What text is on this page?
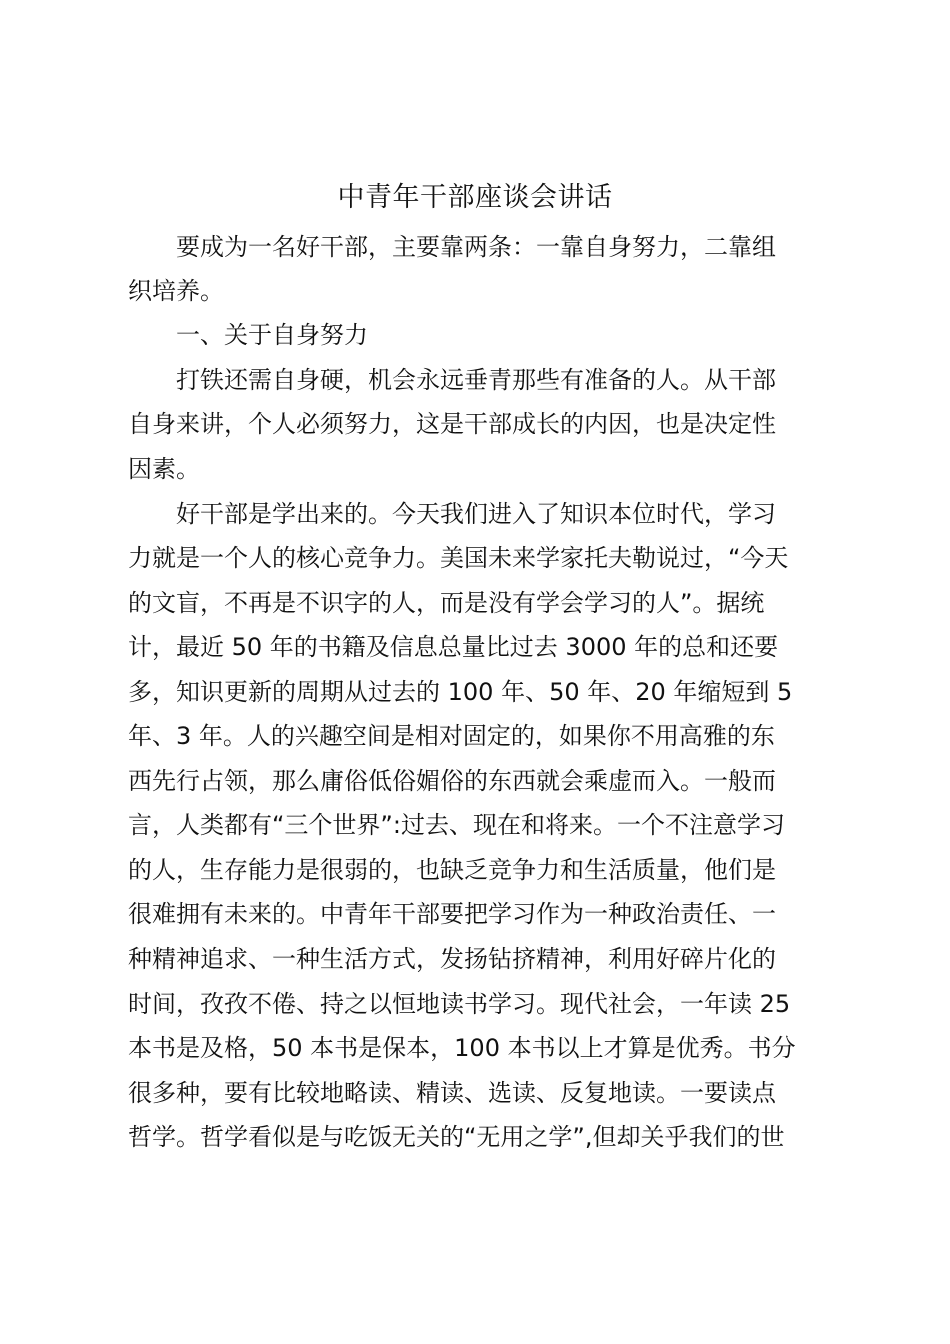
中青年干部座谈会讲话
　　要成为一名好干部，主要靠两条：一靠自身努力，二靠组
织培养。
　　一、关于自身努力
　　打铁还需自身硬，机会永远垂青那些有准备的人。从干部
自身来讲，个人必须努力，这是干部成长的内因，也是决定性
因素。
　　好干部是学出来的。今天我们进入了知识本位时代，学习
力就是一个人的核心竞争力。美国未来学家托夫勒说过，“今天
的文盲，不再是不识字的人，而是没有学会学习的人”。据统
计，最近 50 年的书籍及信息总量比过去 3000 年的总和还要
多，知识更新的周期从过去的 100 年、50 年、20 年缩短到 5
年、3 年。人的兴趣空间是相对固定的，如果你不用高雅的东
西先行占领，那么庸俗低俗媚俗的东西就会乘虚而入。一般而
言，人类都有“三个世界”:过去、现在和将来。一个不注意学习
的人，生存能力是很弱的，也缺乏竞争力和生活质量，他们是
很难拥有未来的。中青年干部要把学习作为一种政治责任、一
种精神追求、一种生活方式，发扬钻挤精神，利用好碎片化的
时间，孜孜不倦、持之以恒地读书学习。现代社会，一年读 25
本书是及格，50 本书是保本，100 本书以上才算是优秀。书分
很多种，要有比较地略读、精读、选读、反复地读。一要读点
哲学。哲学看似是与吃饭无关的“无用之学”,但却关乎我们的世
